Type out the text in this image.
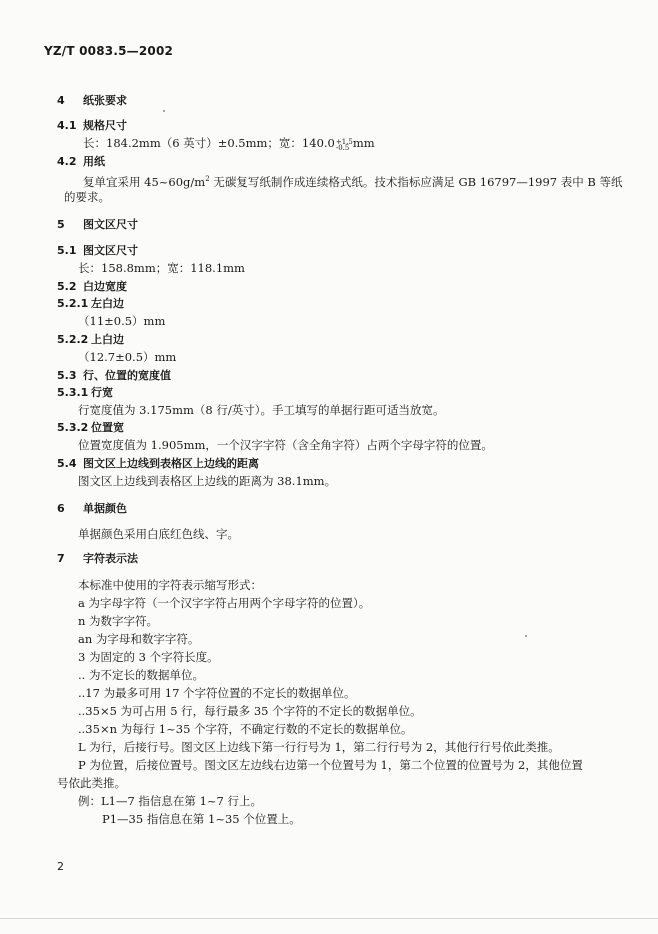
YZ/T 0083.5—2002
4 纸张要求
4.1 规格尺寸
长：184.2mm（6 英寸）±0.5mm；宽：140.0 +1.5
-0.5 mm
4.2 用纸
复单宜采用 $45\sim 60g/m^2$ 无碳复写纸制作成连续格式纸。技术指标应满足 GB 16797—1997 表中 B 等纸
的要求。
5 图文区尺寸
5.1 图文区尺寸
长：158.8mm；宽：118.1mm
5.2 白边宽度
5.2.1 左白边
（11±0.5）mm
5.2.2 上白边
（12.7±0.5）mm
5.3 行、位置的宽度值
5.3.1 行宽
行宽度值为 3.175mm（8 行/英寸）。手工填写的单据行距可适当放宽。
5.3.2 位置宽
位置宽度值为 1.905mm，一个汉字字符（含全角字符）占两个字母字符的位置。
5.4 图文区上边线到表格区上边线的距离
图文区上边线到表格区上边线的距离为 38.1mm。
6 单据颜色
单据颜色采用白底红色线、字。
7 字符表示法
本标准中使用的字符表示缩写形式：
a 为字母字符（一个汉字字符占用两个字母字符的位置）。
n 为数字字符。
an 为字母和数字字符。
3 为固定的 3 个字符长度。
.. 为不定长的数据单位。
..17 为最多可用 17 个字符位置的不定长的数据单位。
..35×5 为可占用 5 行，每行最多 35 个字符的不定长的数据单位。
..35×n 为每行 1~35 个字符，不确定行数的不定长的数据单位。
L 为行，后接行号。图文区上边线下第一行行号为 1，第二行行号为 2，其他行行号依此类推。
P 为位置，后接位置号。图文区左边线右边第一个位置号为 1，第二个位置的位置号为 2，其他位置
号依此类推。
例：L1—7 指信息在第 1~7 行上。
P1—35 指信息在第 1~35 个位置上。
2
